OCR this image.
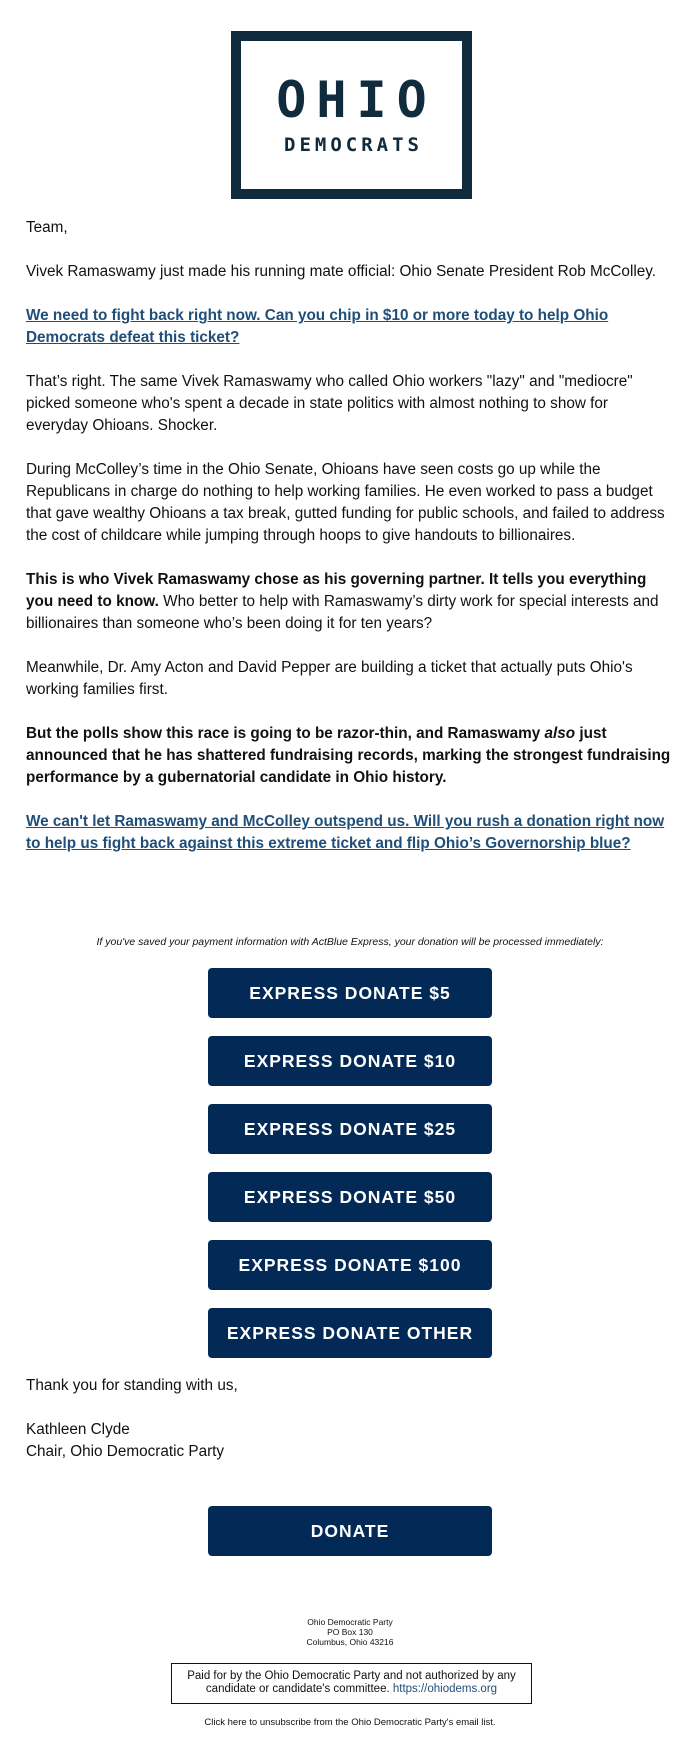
OHIO
DEMOCRATS

Team,

Vivek Ramaswamy just made his running mate official: Ohio Senate President Rob McColley.

We need to fight back right now. Can you chip in $10 or more today to help Ohio Democrats defeat this ticket?

That’s right. The same Vivek Ramaswamy who called Ohio workers "lazy" and "mediocre" picked someone who's spent a decade in state politics with almost nothing to show for everyday Ohioans. Shocker.

During McColley’s time in the Ohio Senate, Ohioans have seen costs go up while the Republicans in charge do nothing to help working families. He even worked to pass a budget that gave wealthy Ohioans a tax break, gutted funding for public schools, and failed to address the cost of childcare while jumping through hoops to give handouts to billionaires.

This is who Vivek Ramaswamy chose as his governing partner. It tells you everything you need to know. Who better to help with Ramaswamy’s dirty work for special interests and billionaires than someone who’s been doing it for ten years?

Meanwhile, Dr. Amy Acton and David Pepper are building a ticket that actually puts Ohio's working families first.

But the polls show this race is going to be razor-thin, and Ramaswamy also just announced that he has shattered fundraising records, marking the strongest fundraising performance by a gubernatorial candidate in Ohio history.

We can't let Ramaswamy and McColley outspend us. Will you rush a donation right now to help us fight back against this extreme ticket and flip Ohio’s Governorship blue?

If you've saved your payment information with ActBlue Express, your donation will be processed immediately:
EXPRESS DONATE $5
EXPRESS DONATE $10
EXPRESS DONATE $25
EXPRESS DONATE $50
EXPRESS DONATE $100
EXPRESS DONATE OTHER
Thank you for standing with us,
Kathleen Clyde
Chair, Ohio Democratic Party
DONATE
Ohio Democratic Party
PO Box 130
Columbus, Ohio 43216
Paid for by the Ohio Democratic Party and not authorized by any candidate or candidate's committee. https://ohiodems.org
Click here to unsubscribe from the Ohio Democratic Party's email list.
